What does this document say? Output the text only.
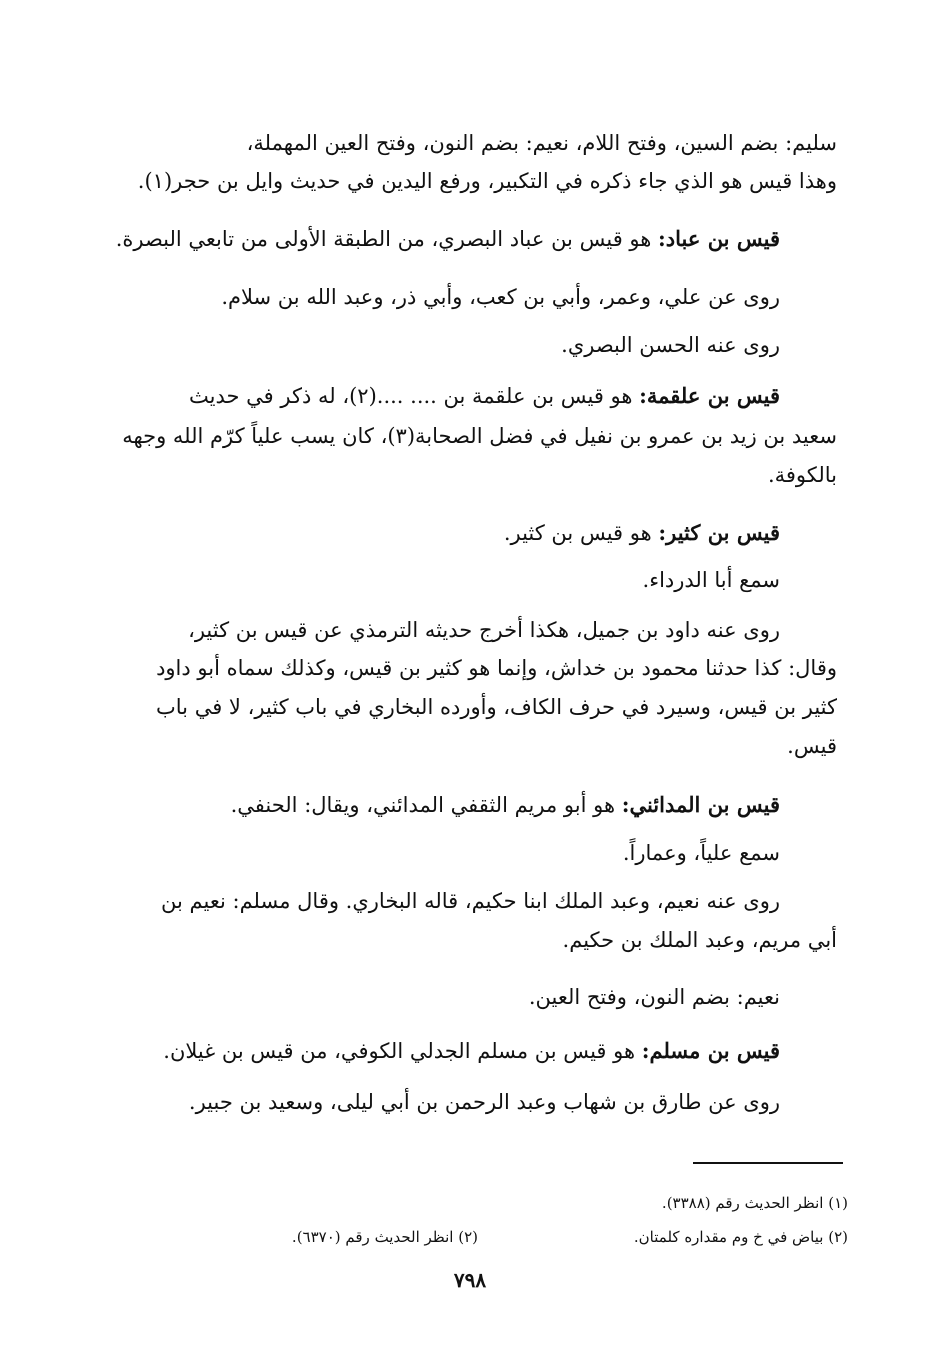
سليم: بضم السين، وفتح اللام، نعيم: بضم النون، وفتح العين المهملة،
وهذا قيس هو الذي جاء ذكره في التكبير، ورفع اليدين في حديث وايل بن حجر(١).
قيس بن عباد: هو قيس بن عباد البصري، من الطبقة الأولى من تابعي البصرة.
روى عن علي، وعمر، وأبي بن كعب، وأبي ذر، وعبد الله بن سلام.
روى عنه الحسن البصري.
قيس بن علقمة: هو قيس بن علقمة بن .... ....(٢)، له ذكر في حديث
سعيد بن زيد بن عمرو بن نفيل في فضل الصحابة(٣)، كان يسب علياً كرّم الله وجهه
بالكوفة.
قيس بن كثير: هو قيس بن كثير.
سمع أبا الدرداء.
روى عنه داود بن جميل، هكذا أخرج حديثه الترمذي عن قيس بن كثير،
وقال: كذا حدثنا محمود بن خداش، وإنما هو كثير بن قيس، وكذلك سماه أبو داود
كثير بن قيس، وسيرد في حرف الكاف، وأورده البخاري في باب كثير، لا في باب
قيس.
قيس بن المدائني: هو أبو مريم الثقفي المدائني، ويقال: الحنفي.
سمع علياً، وعماراً.
روى عنه نعيم، وعبد الملك ابنا حكيم، قاله البخاري. وقال مسلم: نعيم بن
أبي مريم، وعبد الملك بن حكيم.
نعيم: بضم النون، وفتح العين.
قيس بن مسلم: هو قيس بن مسلم الجدلي الكوفي، من قيس بن غيلان.
روى عن طارق بن شهاب وعبد الرحمن بن أبي ليلى، وسعيد بن جبير.
(١) انظر الحديث رقم (٣٣٨٨).
(٢) بياض في خ وم مقداره كلمتان.
(٢) انظر الحديث رقم (٦٣٧٠).
٧٩٨
